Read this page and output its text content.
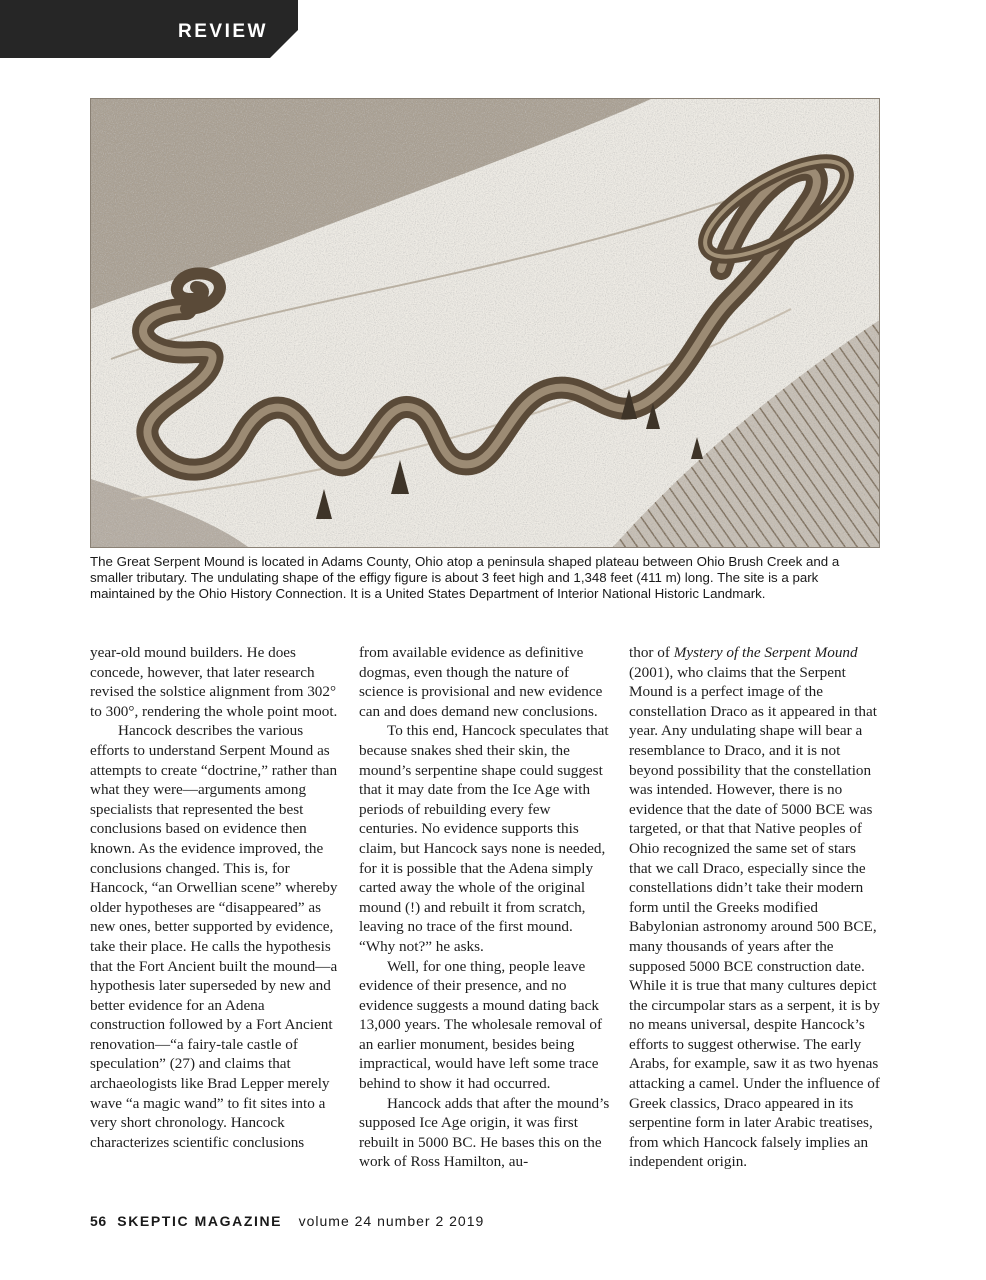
REVIEW
The Great Serpent Mound is located in Adams County, Ohio atop a peninsula shaped plateau between Ohio Brush Creek and a smaller tributary. The undulating shape of the effigy figure is about 3 feet high and 1,348 feet (411 m) long. The site is a park maintained by the Ohio History Connection. It is a United States Department of Interior National Historic Landmark.

year-old mound builders. He does concede, however, that later research revised the solstice alignment from 302° to 300°, rendering the whole point moot.

Hancock describes the various efforts to understand Serpent Mound as attempts to create “doctrine,” rather than what they were—arguments among specialists that represented the best conclusions based on evidence then known. As the evidence improved, the conclusions changed. This is, for Hancock, “an Orwellian scene” whereby older hypotheses are “disappeared” as new ones, better supported by evidence, take their place. He calls the hypothesis that the Fort Ancient built the mound—a hypothesis later superseded by new and better evidence for an Adena construction followed by a Fort Ancient renovation—“a fairy-tale castle of speculation” (27) and claims that archaeologists like Brad Lepper merely wave “a magic wand” to fit sites into a very short chronology. Hancock characterizes scientific conclusions

from available evidence as definitive dogmas, even though the nature of science is provisional and new evidence can and does demand new conclusions.

To this end, Hancock speculates that because snakes shed their skin, the mound’s serpentine shape could suggest that it may date from the Ice Age with periods of rebuilding every few centuries. No evidence supports this claim, but Hancock says none is needed, for it is possible that the Adena simply carted away the whole of the original mound (!) and rebuilt it from scratch, leaving no trace of the first mound. “Why not?” he asks.

Well, for one thing, people leave evidence of their presence, and no evidence suggests a mound dating back 13,000 years. The wholesale removal of an earlier monument, besides being impractical, would have left some trace behind to show it had occurred.

Hancock adds that after the mound’s supposed Ice Age origin, it was first rebuilt in 5000 BC. He bases this on the work of Ross Hamilton, au-

thor of Mystery of the Serpent Mound (2001), who claims that the Serpent Mound is a perfect image of the constellation Draco as it appeared in that year. Any undulating shape will bear a resemblance to Draco, and it is not beyond possibility that the constellation was intended. However, there is no evidence that the date of 5000 BCE was targeted, or that that Native peoples of Ohio recognized the same set of stars that we call Draco, especially since the constellations didn’t take their modern form until the Greeks modified Babylonian astronomy around 500 BCE, many thousands of years after the supposed 5000 BCE construction date. While it is true that many cultures depict the circumpolar stars as a serpent, it is by no means universal, despite Hancock’s efforts to suggest otherwise. The early Arabs, for example, saw it as two hyenas attacking a camel. Under the influence of Greek classics, Draco appeared in its serpentine form in later Arabic treatises, from which Hancock falsely implies an independent origin.

56 SKEPTIC MAGAZINE volume 24 number 2 2019
